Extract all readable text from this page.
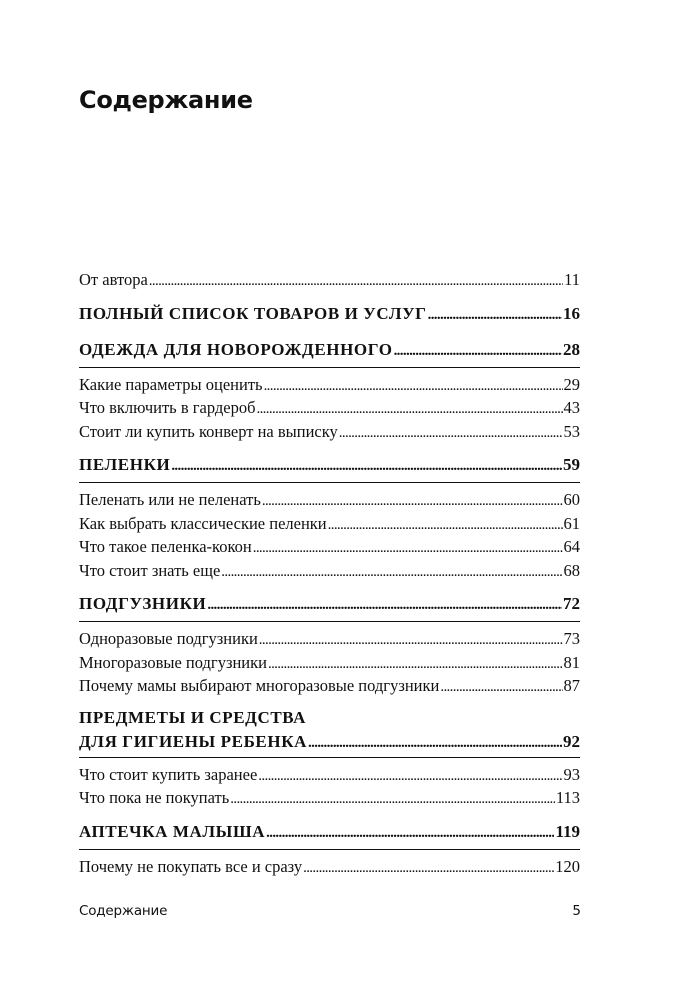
Содержание
От автора . . .	11
ПОЛНЫЙ СПИСОК ТОВАРОВ И УСЛУГ . . .	16
ОДЕЖДА ДЛЯ НОВОРОЖДЕННОГО . . .	28
Какие параметры оценить . . .	29
Что включить в гардероб . . .	43
Стоит ли купить конверт на выписку . . .	53
ПЕЛЕНКИ . . .	59
Пеленать или не пеленать . . .	60
Как выбрать классические пеленки . . .	61
Что такое пеленка-кокон . . .	64
Что стоит знать еще . . .	68
ПОДГУЗНИКИ . . .	72
Одноразовые подгузники . . .	73
Многоразовые подгузники . . .	81
Почему мамы выбирают многоразовые подгузники . . .	87
ПРЕДМЕТЫ И СРЕДСТВА
ДЛЯ ГИГИЕНЫ РЕБЕНКА . . .	92
Что стоит купить заранее . . .	93
Что пока не покупать . . .	113
АПТЕЧКА МАЛЫША . . .	119
Почему не покупать все и сразу . . .	120
Содержание	5
